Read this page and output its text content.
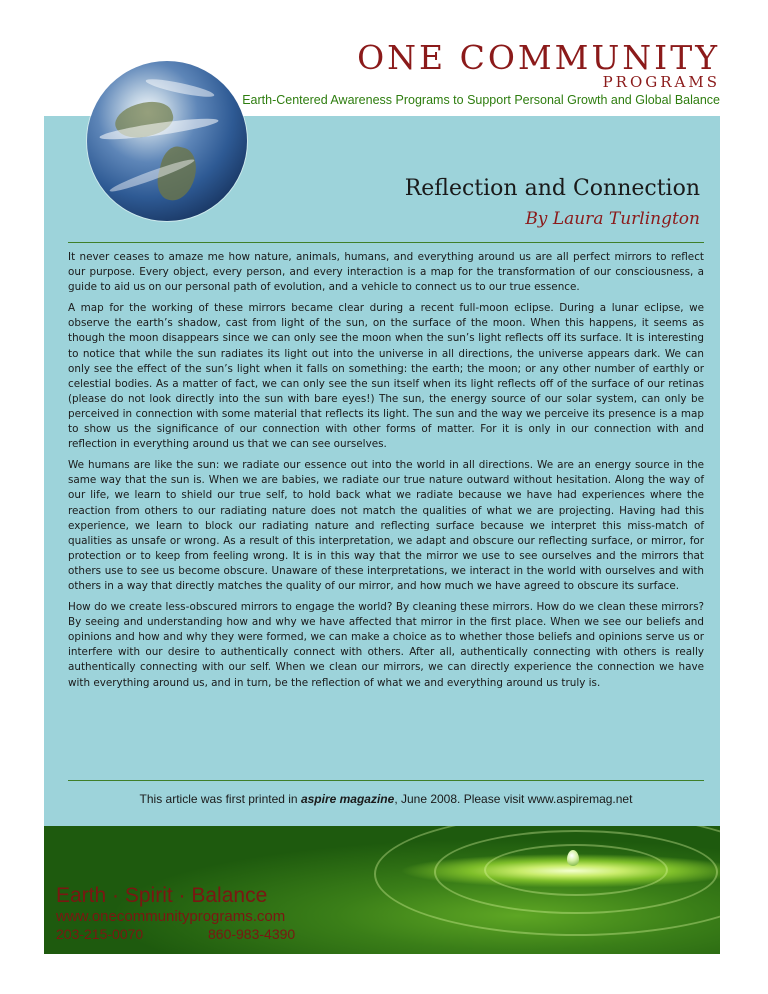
ONE COMMUNITY
PROGRAMS
Earth-Centered Awareness Programs to Support Personal Growth and Global Balance

It never ceases to amaze me how nature, animals, humans, and everything around us are all perfect mirrors to reflect our purpose. Every object, every person, and every interaction is a map for the transformation of our consciousness, a guide to aid us on our personal path of evolution, and a vehicle to connect us to our true essence.

A map for the working of these mirrors became clear during a recent full-moon eclipse. During a lunar eclipse, we observe the earth’s shadow, cast from light of the sun, on the surface of the moon. When this happens, it seems as though the moon disappears since we can only see the moon when the sun’s light reflects off its surface. It is interesting to notice that while the sun radiates its light out into the universe in all directions, the universe appears dark. We can only see the effect of the sun’s light when it falls on something: the earth; the moon; or any other number of earthly or celestial bodies. As a matter of fact, we can only see the sun itself when its light reflects off of the surface of our retinas (please do not look directly into the sun with bare eyes!) The sun, the energy source of our solar system, can only be perceived in connection with some material that reflects its light. The sun and the way we perceive its presence is a map to show us the significance of our connection with other forms of matter. For it is only in our connection with and reflection in everything around us that we can see ourselves.

We humans are like the sun: we radiate our essence out into the world in all directions. We are an energy source in the same way that the sun is. When we are babies, we radiate our true nature outward without hesitation. Along the way of our life, we learn to shield our true self, to hold back what we radiate because we have had experiences where the reaction from others to our radiating nature does not match the qualities of what we are projecting. Having had this experience, we learn to block our radiating nature and reflecting surface because we interpret this miss-match of qualities as unsafe or wrong. As a result of this interpretation, we adapt and obscure our reflecting surface, or mirror, for protection or to keep from feeling wrong. It is in this way that the mirror we use to see ourselves and the mirrors that others use to see us become obscure. Unaware of these interpretations, we interact in the world with ourselves and with others in a way that directly matches the quality of our mirror, and how much we have agreed to obscure its surface.

How do we create less-obscured mirrors to engage the world? By cleaning these mirrors. How do we clean these mirrors? By seeing and understanding how and why we have affected that mirror in the first place. When we see our beliefs and opinions and how and why they were formed, we can make a choice as to whether those beliefs and opinions serve us or interfere with our desire to authentically connect with others. After all, authentically connecting with others is really authentically connecting with our self. When we clean our mirrors, we can directly experience the connection we have with everything around us, and in turn, be the reflection of what we and everything around us truly is.

This article was first printed in aspire magazine, June 2008. Please visit www.aspiremag.net
Reflection and Connection
By Laura Turlington
Earth · Spirit · Balance
www.onecommunityprograms.com
203-215-0070	860-983-4390
